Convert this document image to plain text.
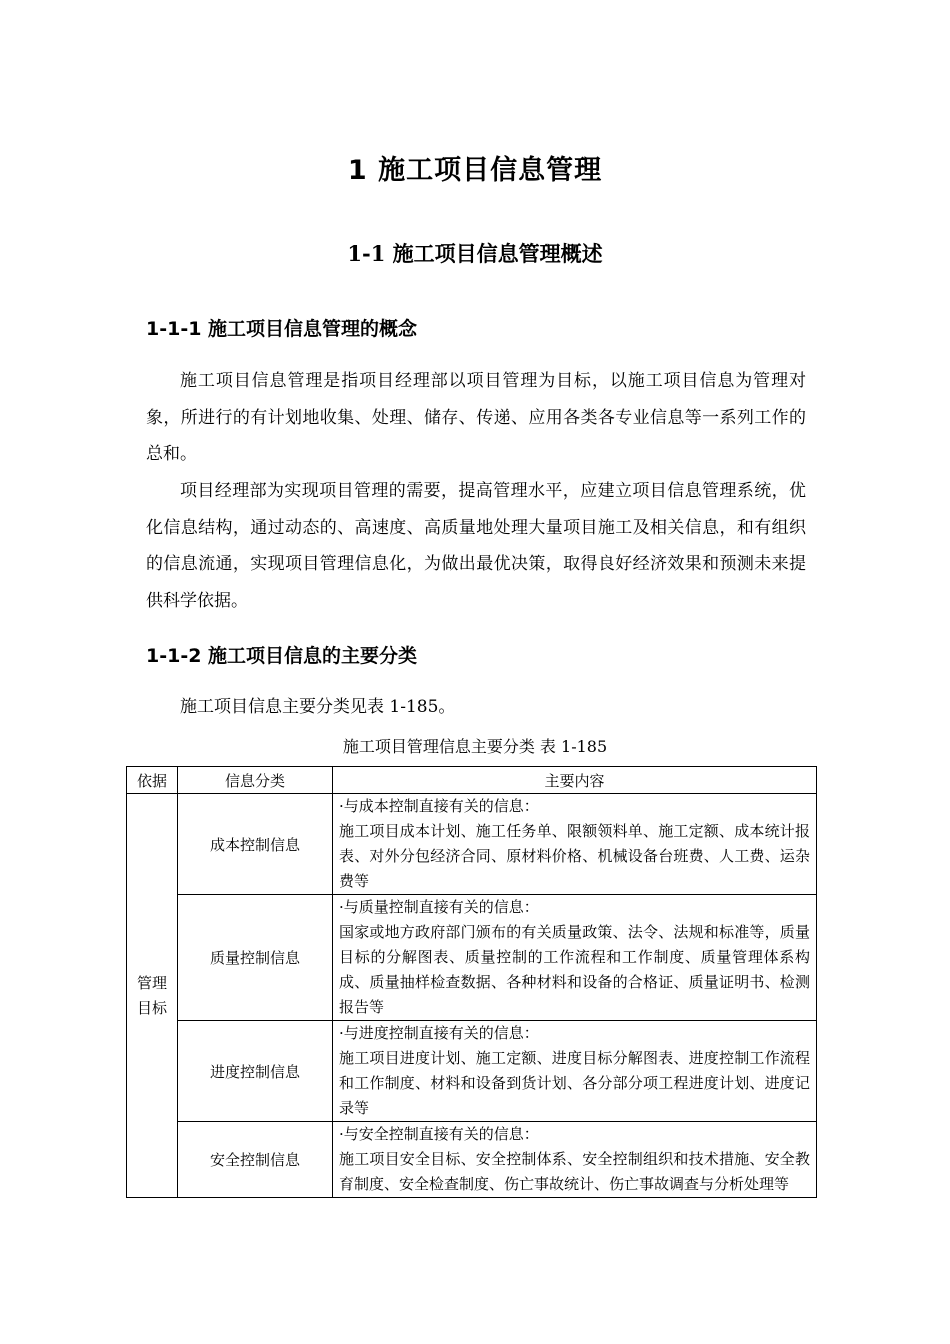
1 施工项目信息管理
1-1 施工项目信息管理概述
1-1-1 施工项目信息管理的概念
施工项目信息管理是指项目经理部以项目管理为目标，以施工项目信息为管理对象，所进行的有计划地收集、处理、储存、传递、应用各类各专业信息等一系列工作的总和。
项目经理部为实现项目管理的需要，提高管理水平，应建立项目信息管理系统，优化信息结构，通过动态的、高速度、高质量地处理大量项目施工及相关信息，和有组织的信息流通，实现项目管理信息化，为做出最优决策，取得良好经济效果和预测未来提供科学依据。
1-1-2 施工项目信息的主要分类
施工项目信息主要分类见表 1-185。
施工项目管理信息主要分类 表 1-185
依据	信息分类	主要内容
管理目标	成本控制信息	·与成本控制直接有关的信息：
施工项目成本计划、施工任务单、限额领料单、施工定额、成本统计报表、对外分包经济合同、原材料价格、机械设备台班费、人工费、运杂费等
	质量控制信息	·与质量控制直接有关的信息：
国家或地方政府部门颁布的有关质量政策、法令、法规和标准等，质量目标的分解图表、质量控制的工作流程和工作制度、质量管理体系构成、质量抽样检查数据、各种材料和设备的合格证、质量证明书、检测报告等
	进度控制信息	·与进度控制直接有关的信息：
施工项目进度计划、施工定额、进度目标分解图表、进度控制工作流程和工作制度、材料和设备到货计划、各分部分项工程进度计划、进度记录等
	安全控制信息	·与安全控制直接有关的信息：
施工项目安全目标、安全控制体系、安全控制组织和技术措施、安全教育制度、安全检查制度、伤亡事故统计、伤亡事故调查与分析处理等
